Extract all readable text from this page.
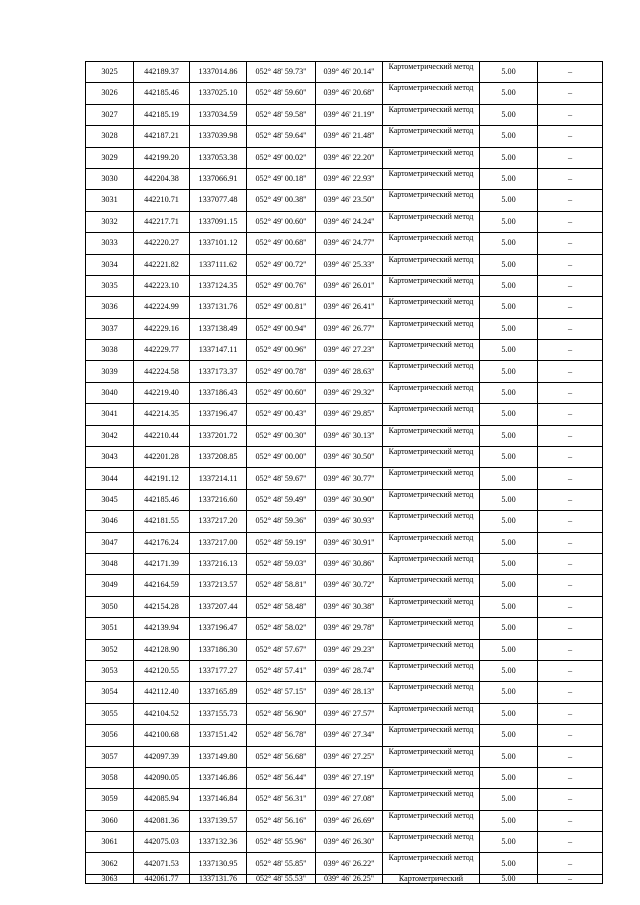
3025	442189.37	1337014.86	052° 48' 59.73"	039° 46' 20.14"	Картометрический метод	5.00	–
3026	442185.46	1337025.10	052° 48' 59.60"	039° 46' 20.68"	Картометрический метод	5.00	–
3027	442185.19	1337034.59	052° 48' 59.58"	039° 46' 21.19"	Картометрический метод	5.00	–
3028	442187.21	1337039.98	052° 48' 59.64"	039° 46' 21.48"	Картометрический метод	5.00	–
3029	442199.20	1337053.38	052° 49' 00.02"	039° 46' 22.20"	Картометрический метод	5.00	–
3030	442204.38	1337066.91	052° 49' 00.18"	039° 46' 22.93"	Картометрический метод	5.00	–
3031	442210.71	1337077.48	052° 49' 00.38"	039° 46' 23.50"	Картометрический метод	5.00	–
3032	442217.71	1337091.15	052° 49' 00.60"	039° 46' 24.24"	Картометрический метод	5.00	–
3033	442220.27	1337101.12	052° 49' 00.68"	039° 46' 24.77"	Картометрический метод	5.00	–
3034	442221.82	1337111.62	052° 49' 00.72"	039° 46' 25.33"	Картометрический метод	5.00	–
3035	442223.10	1337124.35	052° 49' 00.76"	039° 46' 26.01"	Картометрический метод	5.00	–
3036	442224.99	1337131.76	052° 49' 00.81"	039° 46' 26.41"	Картометрический метод	5.00	–
3037	442229.16	1337138.49	052° 49' 00.94"	039° 46' 26.77"	Картометрический метод	5.00	–
3038	442229.77	1337147.11	052° 49' 00.96"	039° 46' 27.23"	Картометрический метод	5.00	–
3039	442224.58	1337173.37	052° 49' 00.78"	039° 46' 28.63"	Картометрический метод	5.00	–
3040	442219.40	1337186.43	052° 49' 00.60"	039° 46' 29.32"	Картометрический метод	5.00	–
3041	442214.35	1337196.47	052° 49' 00.43"	039° 46' 29.85"	Картометрический метод	5.00	–
3042	442210.44	1337201.72	052° 49' 00.30"	039° 46' 30.13"	Картометрический метод	5.00	–
3043	442201.28	1337208.85	052° 49' 00.00"	039° 46' 30.50"	Картометрический метод	5.00	–
3044	442191.12	1337214.11	052° 48' 59.67"	039° 46' 30.77"	Картометрический метод	5.00	–
3045	442185.46	1337216.60	052° 48' 59.49"	039° 46' 30.90"	Картометрический метод	5.00	–
3046	442181.55	1337217.20	052° 48' 59.36"	039° 46' 30.93"	Картометрический метод	5.00	–
3047	442176.24	1337217.00	052° 48' 59.19"	039° 46' 30.91"	Картометрический метод	5.00	–
3048	442171.39	1337216.13	052° 48' 59.03"	039° 46' 30.86"	Картометрический метод	5.00	–
3049	442164.59	1337213.57	052° 48' 58.81"	039° 46' 30.72"	Картометрический метод	5.00	–
3050	442154.28	1337207.44	052° 48' 58.48"	039° 46' 30.38"	Картометрический метод	5.00	–
3051	442139.94	1337196.47	052° 48' 58.02"	039° 46' 29.78"	Картометрический метод	5.00	–
3052	442128.90	1337186.30	052° 48' 57.67"	039° 46' 29.23"	Картометрический метод	5.00	–
3053	442120.55	1337177.27	052° 48' 57.41"	039° 46' 28.74"	Картометрический метод	5.00	–
3054	442112.40	1337165.89	052° 48' 57.15"	039° 46' 28.13"	Картометрический метод	5.00	–
3055	442104.52	1337155.73	052° 48' 56.90"	039° 46' 27.57"	Картометрический метод	5.00	–
3056	442100.68	1337151.42	052° 48' 56.78"	039° 46' 27.34"	Картометрический метод	5.00	–
3057	442097.39	1337149.80	052° 48' 56.68"	039° 46' 27.25"	Картометрический метод	5.00	–
3058	442090.05	1337146.86	052° 48' 56.44"	039° 46' 27.19"	Картометрический метод	5.00	–
3059	442085.94	1337146.84	052° 48' 56.31"	039° 46' 27.08"	Картометрический метод	5.00	–
3060	442081.36	1337139.57	052° 48' 56.16"	039° 46' 26.69"	Картометрический метод	5.00	–
3061	442075.03	1337132.36	052° 48' 55.96"	039° 46' 26.30"	Картометрический метод	5.00	–
3062	442071.53	1337130.95	052° 48' 55.85"	039° 46' 26.22"	Картометрический метод	5.00	–
3063	442061.77	1337131.76	052° 48' 55.53"	039° 46' 26.25"	Картометрический	5.00	–
